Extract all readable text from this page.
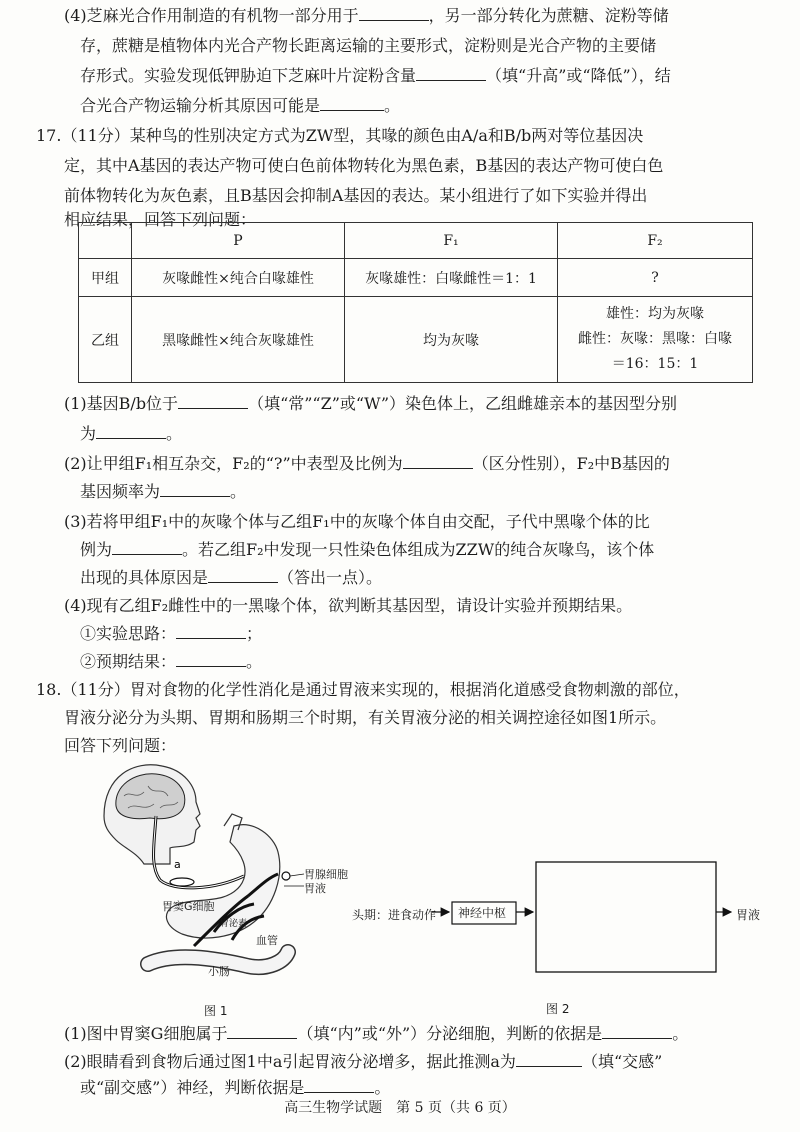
(4)芝麻光合作用制造的有机物一部分用于	，另一部分转化为蔗糖、淀粉等储
存，蔗糖是植物体内光合产物长距离运输的主要形式，淀粉则是光合产物的主要储
存形式。实验发现低钾胁迫下芝麻叶片淀粉含量	（填“升高”或“降低”），结
合光合产物运输分析其原因可能是	。
17.（11分）某种鸟的性别决定方式为ZW型，其喙的颜色由A/a和B/b两对等位基因决
定，其中A基因的表达产物可使白色前体物转化为黑色素，B基因的表达产物可使白色
前体物转化为灰色素，且B基因会抑制A基因的表达。某小组进行了如下实验并得出
相应结果，回答下列问题：
	P	F₁	F₂
甲组	灰喙雌性×纯合白喙雄性	灰喙雄性：白喙雌性＝1：1	?
乙组	黑喙雌性×纯合灰喙雄性	均为灰喙	雄性：均为灰喙
雌性：灰喙：黑喙：白喙
＝16：15：1
(1)基因B/b位于	（填“常”“Z”或“W”）染色体上，乙组雌雄亲本的基因型分别
为	。
(2)让甲组F₁相互杂交，F₂的“?”中表型及比例为	（区分性别），F₂中B基因的
基因频率为	。
(3)若将甲组F₁中的灰喙个体与乙组F₁中的灰喙个体自由交配，子代中黑喙个体的比
例为	。若乙组F₂中发现一只性染色体组成为ZZW的纯合灰喙鸟，该个体
出现的具体原因是	（答出一点）。
(4)现有乙组F₂雌性中的一黑喙个体，欲判断其基因型，请设计实验并预期结果。
①实验思路：	；
②预期结果：	。
18.（11分）胃对食物的化学性消化是通过胃液来实现的，根据消化道感受食物刺激的部位，
胃液分泌分为头期、胃期和肠期三个时期，有关胃液分泌的相关调控途径如图1所示。
回答下列问题：
a
胃腺细胞
胃液
胃窦G细胞
胃泌素
血管
小肠
图 1
头期：进食动作 神经中枢	胃液
图 2
(1)图中胃窦G细胞属于	（填“内”或“外”）分泌细胞，判断的依据是	。
(2)眼睛看到食物后通过图1中a引起胃液分泌增多，据此推测a为	（填“交感”
或“副交感”）神经，判断依据是	。
高三生物学试题　第 5 页（共 6 页）
